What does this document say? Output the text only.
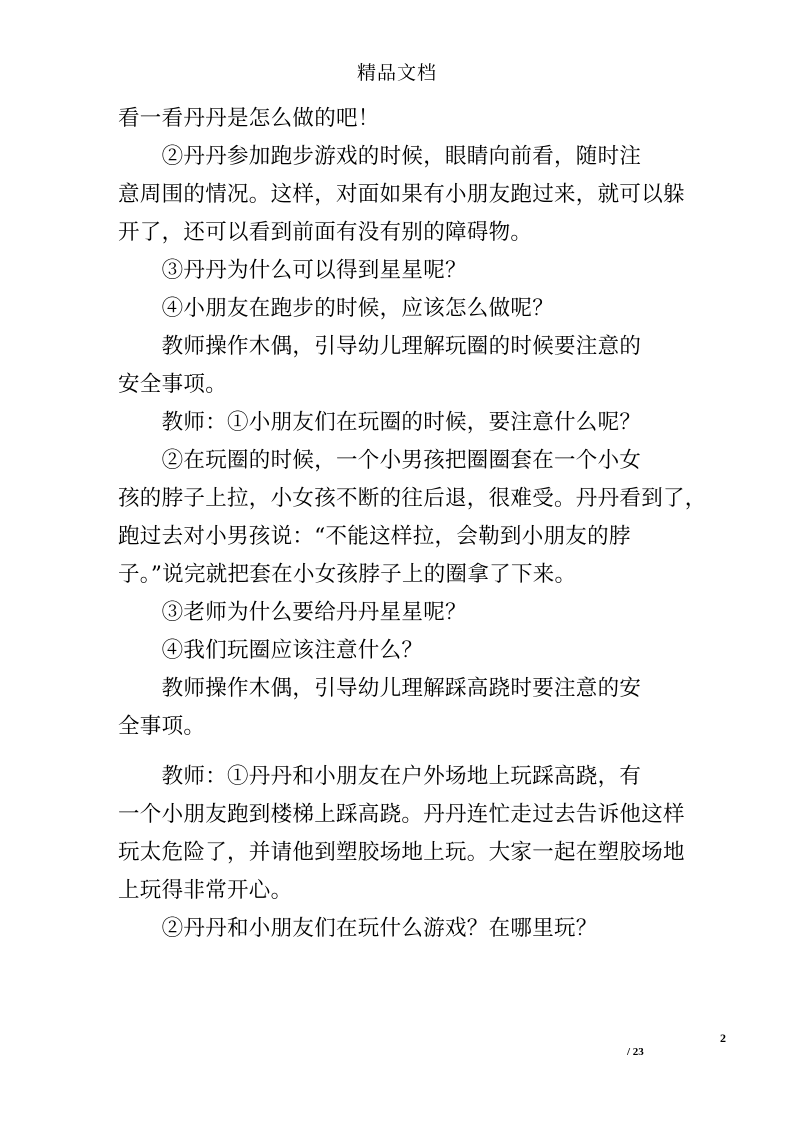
精品文档
看一看丹丹是怎么做的吧！
　　②丹丹参加跑步游戏的时候，眼睛向前看，随时注
意周围的情况。这样，对面如果有小朋友跑过来，就可以躲
开了，还可以看到前面有没有别的障碍物。
　　③丹丹为什么可以得到星星呢？
　　④小朋友在跑步的时候，应该怎么做呢？
　　教师操作木偶，引导幼儿理解玩圈的时候要注意的
安全事项。
　　教师：①小朋友们在玩圈的时候，要注意什么呢？
　　②在玩圈的时候，一个小男孩把圈圈套在一个小女
孩的脖子上拉，小女孩不断的往后退，很难受。丹丹看到了，
跑过去对小男孩说：“不能这样拉，会勒到小朋友的脖
子。”说完就把套在小女孩脖子上的圈拿了下来。
　　③老师为什么要给丹丹星星呢？
　　④我们玩圈应该注意什么？
　　教师操作木偶，引导幼儿理解踩高跷时要注意的安
全事项。
　　教师：①丹丹和小朋友在户外场地上玩踩高跷，有
一个小朋友跑到楼梯上踩高跷。丹丹连忙走过去告诉他这样
玩太危险了，并请他到塑胶场地上玩。大家一起在塑胶场地
上玩得非常开心。
　　②丹丹和小朋友们在玩什么游戏？在哪里玩？
2
/ 23
